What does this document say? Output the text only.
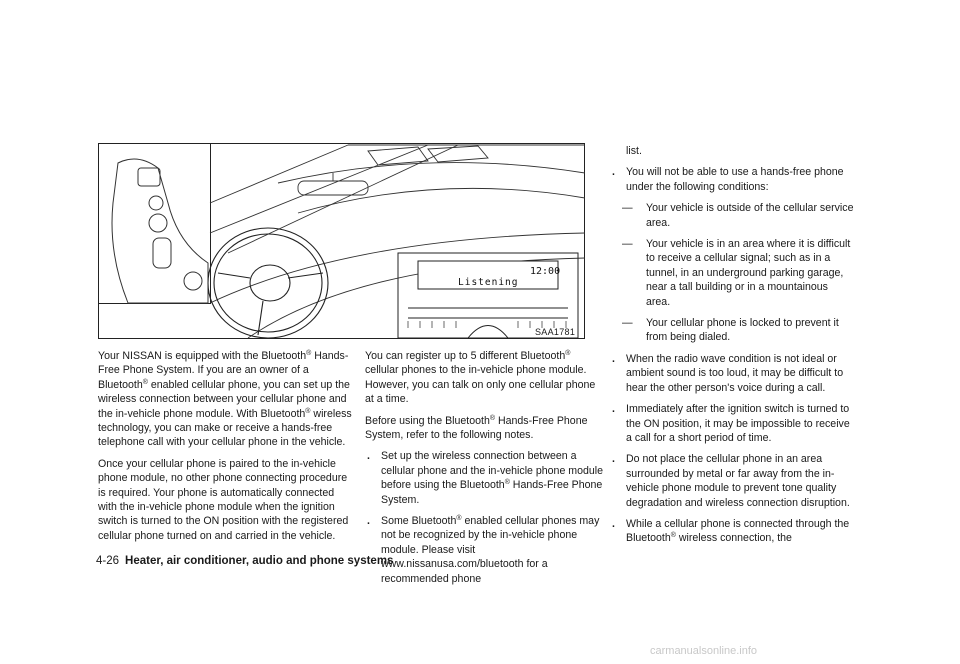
12:00
Listening
SAA1781

Your NISSAN is equipped with the Bluetooth® Hands-Free Phone System. If you are an owner of a Bluetooth® enabled cellular phone, you can set up the wireless connection between your cellular phone and the in-vehicle phone module. With Bluetooth® wireless technology, you can make or receive a hands-free telephone call with your cellular phone in the vehicle.

Once your cellular phone is paired to the in-vehicle phone module, no other phone connecting procedure is required. Your phone is automatically connected with the in-vehicle phone module when the ignition switch is turned to the ON position with the registered cellular phone turned on and carried in the vehicle.

You can register up to 5 different Bluetooth® cellular phones to the in-vehicle phone module. However, you can talk on only one cellular phone at a time.

Before using the Bluetooth® Hands-Free Phone System, refer to the following notes.

. Set up the wireless connection between a cellular phone and the in-vehicle phone module before using the Bluetooth® Hands-Free Phone System.
. Some Bluetooth® enabled cellular phones may not be recognized by the in-vehicle phone module. Please visit www.nissanusa.com/bluetooth for a recommended phone

list.

. You will not be able to use a hands-free phone under the following conditions:
— Your vehicle is outside of the cellular service area.
— Your vehicle is in an area where it is difficult to receive a cellular signal; such as in a tunnel, in an underground parking garage, near a tall building or in a mountainous area.
— Your cellular phone is locked to prevent it from being dialed.
. When the radio wave condition is not ideal or ambient sound is too loud, it may be difficult to hear the other person's voice during a call.
. Immediately after the ignition switch is turned to the ON position, it may be impossible to receive a call for a short period of time.
. Do not place the cellular phone in an area surrounded by metal or far away from the in-vehicle phone module to prevent tone quality degradation and wireless connection disruption.
. While a cellular phone is connected through the Bluetooth® wireless connection, the
4-26 Heater, air conditioner, audio and phone systems
carmanualsonline.info
